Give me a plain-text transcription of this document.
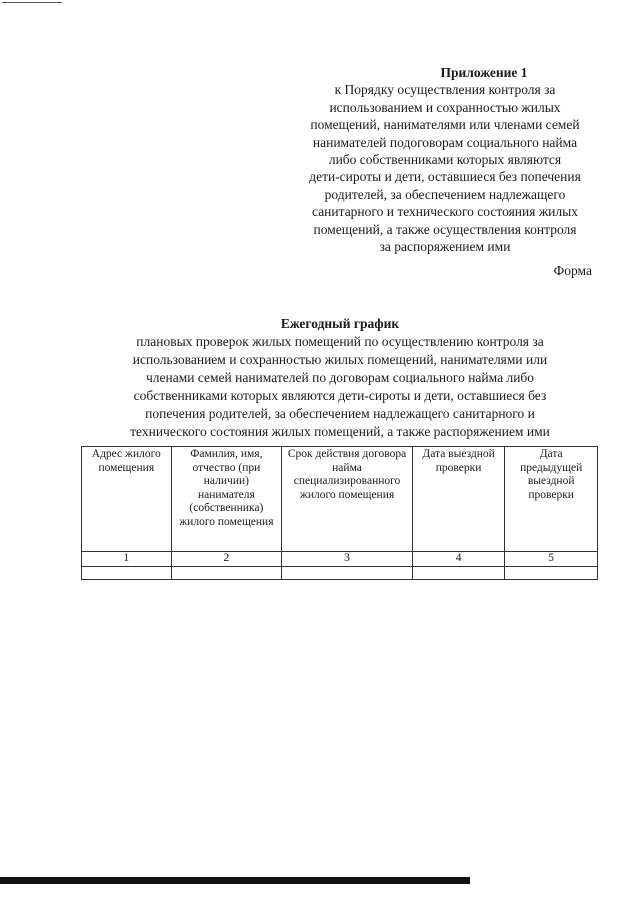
Приложение 1
к Порядку осуществления контроля за
использованием и сохранностью жилых
помещений, нанимателями или членами семей
нанимателей подоговорам социального найма
либо собственниками которых являются
дети-сироты и дети, оставшиеся без попечения
родителей, за обеспечением надлежащего
санитарного и технического состояния жилых
помещений, а также осуществления контроля
за распоряжением ими
Форма
Ежегодный график
плановых проверок жилых помещений по осуществлению контроля за
использованием и сохранностью жилых помещений, нанимателями или
членами семей нанимателей по договорам социального найма либо
собственниками которых являются дети-сироты и дети, оставшиеся без
попечения родителей, за обеспечением надлежащего санитарного и
технического состояния жилых помещений, а также распоряжением ими
Адрес жилого помещения	Фамилия, имя, отчество (при наличии) нанимателя (собственника) жилого помещения	Срок действия договора найма специализированного жилого помещения	Дата выездной проверки	Дата предыдущей выездной проверки
1	2	3	4	5
